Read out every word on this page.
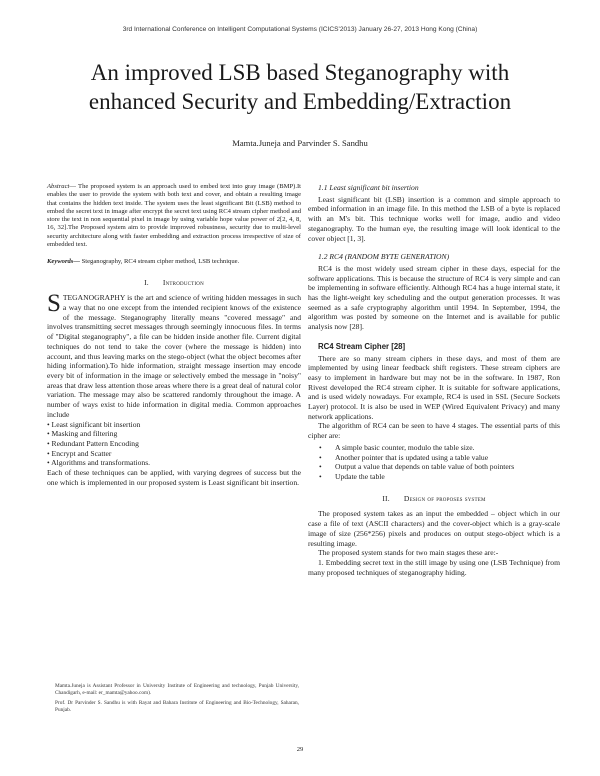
3rd International Conference on Intelligent Computational Systems (ICICS'2013) January 26-27, 2013 Hong Kong (China)
An improved LSB based Steganography with
enhanced Security and Embedding/Extraction
Mamta.Juneja and Parvinder S. Sandhu
Abstract— The proposed system is an approach used to embed text into gray image (BMP).It enables the user to provide the system with both text and cover, and obtain a resulting image that contains the hidden text inside. The system uses the least significant Bit (LSB) method to embed the secret text in image after encrypt the secret text using RC4 stream cipher method and store the text in non sequential pixel in image by using variable hope value power of 2[2, 4, 8, 16, 32].The Proposed system aim to provide improved robustness, security due to multi-level security architecture along with faster embedding and extraction process irrespective of size of embedded text.
Keywords— Steganography, RC4 stream cipher method, LSB technique.
I. Introduction

STEGANOGRAPHY is the art and science of writing hidden messages in such a way that no one except from the intended recipient knows of the existence of the message. Steganography literally means "covered message" and involves transmitting secret messages through seemingly innocuous files. In terms of "Digital steganography", a file can be hidden inside another file. Current digital techniques do not tend to take the cover (where the message is hidden) into account, and thus leaving marks on the stego-object (what the object becomes after hiding information).To hide information, straight message insertion may encode every bit of information in the image or selectively embed the message in "noisy" areas that draw less attention those areas where there is a great deal of natural color variation. The message may also be scattered randomly throughout the image. A number of ways exist to hide information in digital media. Common approaches include

• Least significant bit insertion
• Masking and filtering
• Redundant Pattern Encoding
• Encrypt and Scatter
• Algorithms and transformations.

Each of these techniques can be applied, with varying degrees of success but the one which is implemented in our proposed system is Least significant bit insertion.

Mamta.Juneja is Assistant Professor in University Institute of Engineering and technology, Punjab University, Chandigarh, e-mail: er_mamta@yahoo.com).

Prof. Dr Parvinder S. Sandhu is with Rayat and Bahara Institute of Engineering and Bio-Technology, Saharan, Punjab.

1.1 Least significant bit insertion

Least significant bit (LSB) insertion is a common and simple approach to embed information in an image file. In this method the LSB of a byte is replaced with an M's bit. This technique works well for image, audio and video steganography. To the human eye, the resulting image will look identical to the cover object [1, 3].

1.2 RC4 (RANDOM BYTE GENERATION)

RC4 is the most widely used stream cipher in these days, especial for the software applications. This is because the structure of RC4 is very simple and can be implementing in software efficiently. Although RC4 has a huge internal state, it has the light-weight key scheduling and the output generation processes. It was seemed as a safe cryptography algorithm until 1994. In September, 1994, the algorithm was posted by someone on the Internet and is available for public analysis now [28].

RC4 Stream Cipher [28]

There are so many stream ciphers in these days, and most of them are implemented by using linear feedback shift registers. These stream ciphers are easy to implement in hardware but may not be in the software. In 1987, Ron Rivest developed the RC4 stream cipher. It is suitable for software applications, and is used widely nowadays. For example, RC4 is used in SSL (Secure Sockets Layer) protocol. It is also be used in WEP (Wired Equivalent Privacy) and many network applications.

The algorithm of RC4 can be seen to have 4 stages. The essential parts of this cipher are:

• A simple basic counter, modulo the table size.
• Another pointer that is updated using a table value
• Output a value that depends on table value of both pointers
• Update the table
II. Design of proposes system

The proposed system takes as an input the embedded – object which in our case a file of text (ASCII characters) and the cover-object which is a gray-scale image of size (256*256) pixels and produces on output stego-object which is a resulting image.

The proposed system stands for two main stages these are:-

1. Embedding secret text in the still image by using one (LSB Technique) from many proposed techniques of steganography hiding.

29
